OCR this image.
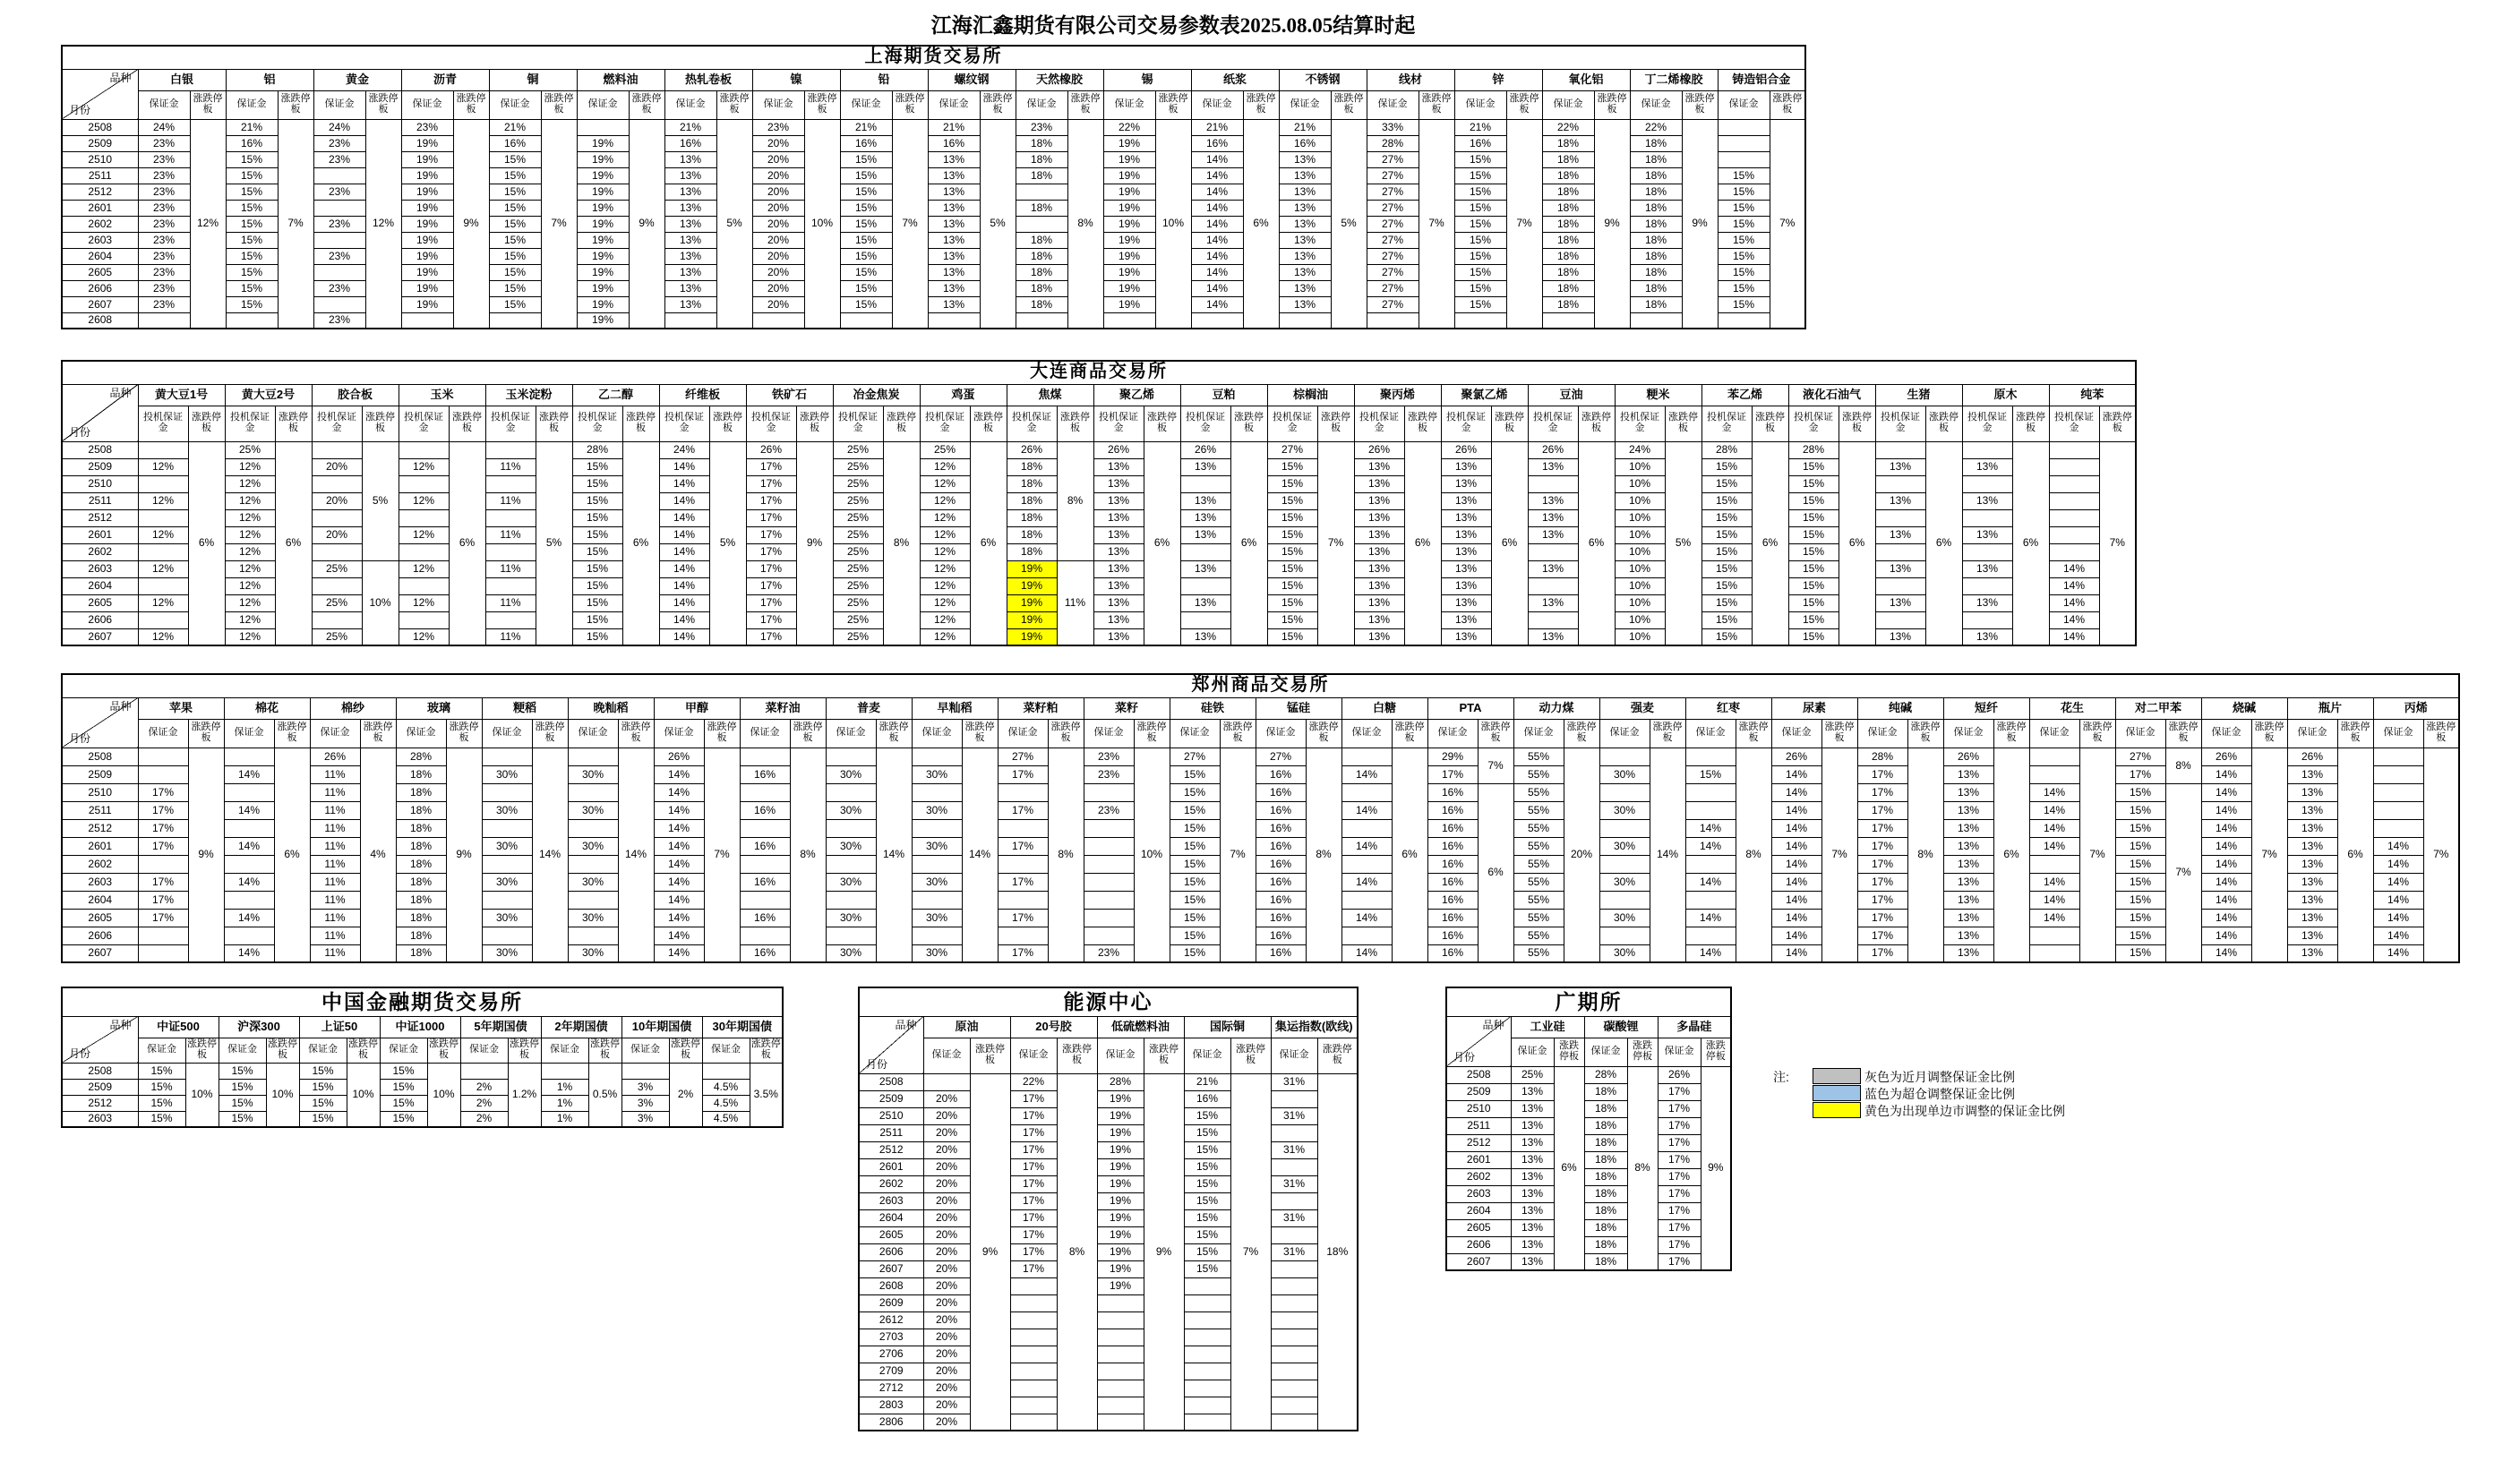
江海汇鑫期货有限公司交易参数表2025.08.05结算时起
上海期货交易所																																						

品种
月份	白银		铝		黄金		沥青		铜		燃料油		热轧卷板		镍		铅		螺纹钢		天然橡胶		锡		纸浆		不锈钢		线材		锌		氧化铝		丁二烯橡胶		铸造铝合金	
	保证金	涨跌停板	保证金	涨跌停板	保证金	涨跌停板	保证金	涨跌停板	保证金	涨跌停板	保证金	涨跌停板	保证金	涨跌停板	保证金	涨跌停板	保证金	涨跌停板	保证金	涨跌停板	保证金	涨跌停板	保证金	涨跌停板	保证金	涨跌停板	保证金	涨跌停板	保证金	涨跌停板	保证金	涨跌停板	保证金	涨跌停板	保证金	涨跌停板	保证金	涨跌停板
2508	24%	12%	21%	7%	24%	12%	23%	9%	21%	7%		9%	21%	5%	23%	10%	21%	7%	21%	5%	23%	8%	22%	10%	21%	6%	21%	5%	33%	7%	21%	7%	22%	9%	22%	9%		7%
2509	23%		16%		23%		19%		16%		19%		16%		20%		16%		16%		18%		19%		16%		16%		28%		16%		18%		18%			
2510	23%		15%		23%		19%		15%		19%		13%		20%		15%		13%		18%		19%		14%		13%		27%		15%		18%		18%			
2511	23%		15%				19%		15%		19%		13%		20%		15%		13%		18%		19%		14%		13%		27%		15%		18%		18%		15%	
2512	23%		15%		23%		19%		15%		19%		13%		20%		15%		13%				19%		14%		13%		27%		15%		18%		18%		15%	
2601	23%		15%				19%		15%		19%		13%		20%		15%		13%		18%		19%		14%		13%		27%		15%		18%		18%		15%	
2602	23%		15%		23%		19%		15%		19%		13%		20%		15%		13%				19%		14%		13%		27%		15%		18%		18%		15%	
2603	23%		15%				19%		15%		19%		13%		20%		15%		13%		18%		19%		14%		13%		27%		15%		18%		18%		15%	
2604	23%		15%		23%		19%		15%		19%		13%		20%		15%		13%		18%		19%		14%		13%		27%		15%		18%		18%		15%	
2605	23%		15%				19%		15%		19%		13%		20%		15%		13%		18%		19%		14%		13%		27%		15%		18%		18%		15%	
2606	23%		15%		23%		19%		15%		19%		13%		20%		15%		13%		18%		19%		14%		13%		27%		15%		18%		18%		15%	
2607	23%		15%				19%		15%		19%		13%		20%		15%		13%		18%		19%		14%		13%		27%		15%		18%		18%		15%	
2608					23%						19%																											
大连商品交易所																																														

品种
月份	黄大豆1号		黄大豆2号		胶合板		玉米		玉米淀粉		乙二醇		纤维板		铁矿石		冶金焦炭		鸡蛋		焦煤		聚乙烯		豆粕		棕榈油		聚丙烯		聚氯乙烯		豆油		粳米		苯乙烯		液化石油气		生猪		原木		纯苯	
	投机保证金	涨跌停板	投机保证金	涨跌停板	投机保证金	涨跌停板	投机保证金	涨跌停板	投机保证金	涨跌停板	投机保证金	涨跌停板	投机保证金	涨跌停板	投机保证金	涨跌停板	投机保证金	涨跌停板	投机保证金	涨跌停板	投机保证金	涨跌停板	投机保证金	涨跌停板	投机保证金	涨跌停板	投机保证金	涨跌停板	投机保证金	涨跌停板	投机保证金	涨跌停板	投机保证金	涨跌停板	投机保证金	涨跌停板	投机保证金	涨跌停板	投机保证金	涨跌停板	投机保证金	涨跌停板	投机保证金	涨跌停板	投机保证金	涨跌停板
2508		6%	25%	6%		5%		6%		5%	28%	6%	24%	5%	26%	9%	25%	8%	25%	6%	26%	8%	26%	6%	26%	6%	27%	7%	26%	6%	26%	6%	26%	6%	24%	5%	28%	6%	28%	6%		6%		6%		7%
2509	12%		12%		20%		12%		11%		15%		14%		17%		25%		12%		18%		13%		13%		15%		13%		13%		13%		10%		15%		15%		13%		13%			
2510			12%								15%		14%		17%		25%		12%		18%		13%				15%		13%		13%				10%		15%		15%							
2511	12%		12%		20%		12%		11%		15%		14%		17%		25%		12%		18%		13%		13%		15%		13%		13%		13%		10%		15%		15%		13%		13%			
2512			12%								15%		14%		17%		25%		12%		18%		13%		13%		15%		13%		13%		13%		10%		15%		15%							
2601	12%		12%		20%		12%		11%		15%		14%		17%		25%		12%		18%		13%		13%		15%		13%		13%		13%		10%		15%		15%		13%		13%			
2602			12%								15%		14%		17%		25%		12%		18%		13%				15%		13%		13%				10%		15%		15%							
2603	12%		12%		25%	10%	12%		11%		15%		14%		17%		25%		12%		19%	11%	13%		13%		15%		13%		13%		13%		10%		15%		15%		13%		13%		14%	
2604			12%								15%		14%		17%		25%		12%		19%		13%				15%		13%		13%				10%		15%		15%						14%	
2605	12%		12%		25%		12%		11%		15%		14%		17%		25%		12%		19%		13%		13%		15%		13%		13%		13%		10%		15%		15%		13%		13%		14%	
2606			12%								15%		14%		17%		25%		12%		19%		13%				15%		13%		13%				10%		15%		15%						14%	
2607	12%		12%		25%		12%		11%		15%		14%		17%		25%		12%		19%		13%		13%		15%		13%		13%		13%		10%		15%		15%		13%		13%		14%	
郑州商品交易所																																																						

品种
月份	苹果		棉花		棉纱		玻璃		粳稻		晚籼稻		甲醇		菜籽油		普麦		早籼稻		菜籽粕		菜籽		硅铁		锰硅		白糖		PTA		动力煤		强麦		红枣		尿素		纯碱		短纤		花生		对二甲苯		烧碱		瓶片		丙烯	
	保证金	涨跌停板	保证金	涨跌停板	保证金	涨跌停板	保证金	涨跌停板	保证金	涨跌停板	保证金	涨跌停板	保证金	涨跌停板	保证金	涨跌停板	保证金	涨跌停板	保证金	涨跌停板	保证金	涨跌停板	保证金	涨跌停板	保证金	涨跌停板	保证金	涨跌停板	保证金	涨跌停板	保证金	涨跌停板	保证金	涨跌停板	保证金	涨跌停板	保证金	涨跌停板	保证金	涨跌停板	保证金	涨跌停板	保证金	涨跌停板	保证金	涨跌停板	保证金	涨跌停板	保证金	涨跌停板	保证金	涨跌停板	保证金	涨跌停板
2508		9%		6%	26%	4%	28%	9%		14%		14%	26%	7%		8%		14%		14%	27%	8%	23%	10%	27%	7%	27%	8%		6%	29%	7%	55%	20%		14%		8%	26%	7%	28%	8%	26%	6%		7%	27%	8%	26%	7%	26%	6%		7%
2509			14%		11%		18%		30%		30%		14%		16%		30%		30%		17%		23%		15%		16%		14%		17%		55%		30%		15%		14%		17%		13%				17%		14%		13%			
2510	17%				11%		18%						14%												15%		16%				16%	6%	55%						14%		17%		13%		14%		15%	7%	14%		13%			
2511	17%		14%		11%		18%		30%		30%		14%		16%		30%		30%		17%		23%		15%		16%		14%		16%		55%		30%				14%		17%		13%		14%		15%		14%		13%			
2512	17%				11%		18%						14%												15%		16%				16%		55%				14%		14%		17%		13%		14%		15%		14%		13%			
2601	17%		14%		11%		18%		30%		30%		14%		16%		30%		30%		17%				15%		16%		14%		16%		55%		30%		14%		14%		17%		13%		14%		15%		14%		13%		14%	
2602					11%		18%						14%												15%		16%				16%		55%						14%		17%		13%				15%		14%		13%		14%	
2603	17%		14%		11%		18%		30%		30%		14%		16%		30%		30%		17%				15%		16%		14%		16%		55%		30%		14%		14%		17%		13%		14%		15%		14%		13%		14%	
2604	17%				11%		18%						14%												15%		16%				16%		55%						14%		17%		13%		14%		15%		14%		13%		14%	
2605	17%		14%		11%		18%		30%		30%		14%		16%		30%		30%		17%				15%		16%		14%		16%		55%		30%		14%		14%		17%		13%		14%		15%		14%		13%		14%	
2606					11%		18%						14%												15%		16%				16%		55%						14%		17%		13%				15%		14%		13%		14%	
2607			14%		11%		18%		30%		30%		14%		16%		30%		30%		17%		23%		15%		16%		14%		16%		55%		30%		14%		14%		17%		13%				15%		14%		13%		14%	
中国金融期货交易所																

品种
月份	中证500		沪深300		上证50		中证1000		5年期国债		2年期国债		10年期国债		30年期国债	
	保证金	涨跌停板	保证金	涨跌停板	保证金	涨跌停板	保证金	涨跌停板	保证金	涨跌停板	保证金	涨跌停板	保证金	涨跌停板	保证金	涨跌停板
2508	15%	10%	15%	10%	15%	10%	15%	10%		1.2%		0.5%		2%		3.5%
2509	15%		15%		15%		15%		2%		1%		3%		4.5%	
2512	15%		15%		15%		15%		2%		1%		3%		4.5%	
2603	15%		15%		15%		15%		2%		1%		3%		4.5%	
能源中心										

品种
月份	原油		20号胶		低硫燃料油		国际铜		集运指数(欧线)	
	保证金	涨跌停板	保证金	涨跌停板	保证金	涨跌停板	保证金	涨跌停板	保证金	涨跌停板
2508		9%	22%	8%	28%	9%	21%	7%	31%	18%
2509	20%		17%		19%		16%			
2510	20%		17%		19%		15%		31%	
2511	20%		17%		19%		15%			
2512	20%		17%		19%		15%		31%	
2601	20%		17%		19%		15%			
2602	20%		17%		19%		15%		31%	
2603	20%		17%		19%		15%			
2604	20%		17%		19%		15%		31%	
2605	20%		17%		19%		15%			
2606	20%		17%		19%		15%		31%	
2607	20%		17%		19%		15%			
2608	20%				19%					
2609	20%									
2612	20%									
2703	20%									
2706	20%									
2709	20%									
2712	20%									
2803	20%									
2806	20%									
广期所						

品种
月份	工业硅		碳酸锂		多晶硅	
	保证金	涨跌停板	保证金	涨跌停板	保证金	涨跌停板
2508	25%	6%	28%	8%	26%	9%
2509	13%		18%		17%	
2510	13%		18%		17%	
2511	13%		18%		17%	
2512	13%		18%		17%	
2601	13%		18%		17%	
2602	13%		18%		17%	
2603	13%		18%		17%	
2604	13%		18%		17%	
2605	13%		18%		17%	
2606	13%		18%		17%	
2607	13%		18%		17%	
注:	灰色为近月调整保证金比例
蓝色为超仓调整保证金比例
黄色为出现单边市调整的保证金比例
